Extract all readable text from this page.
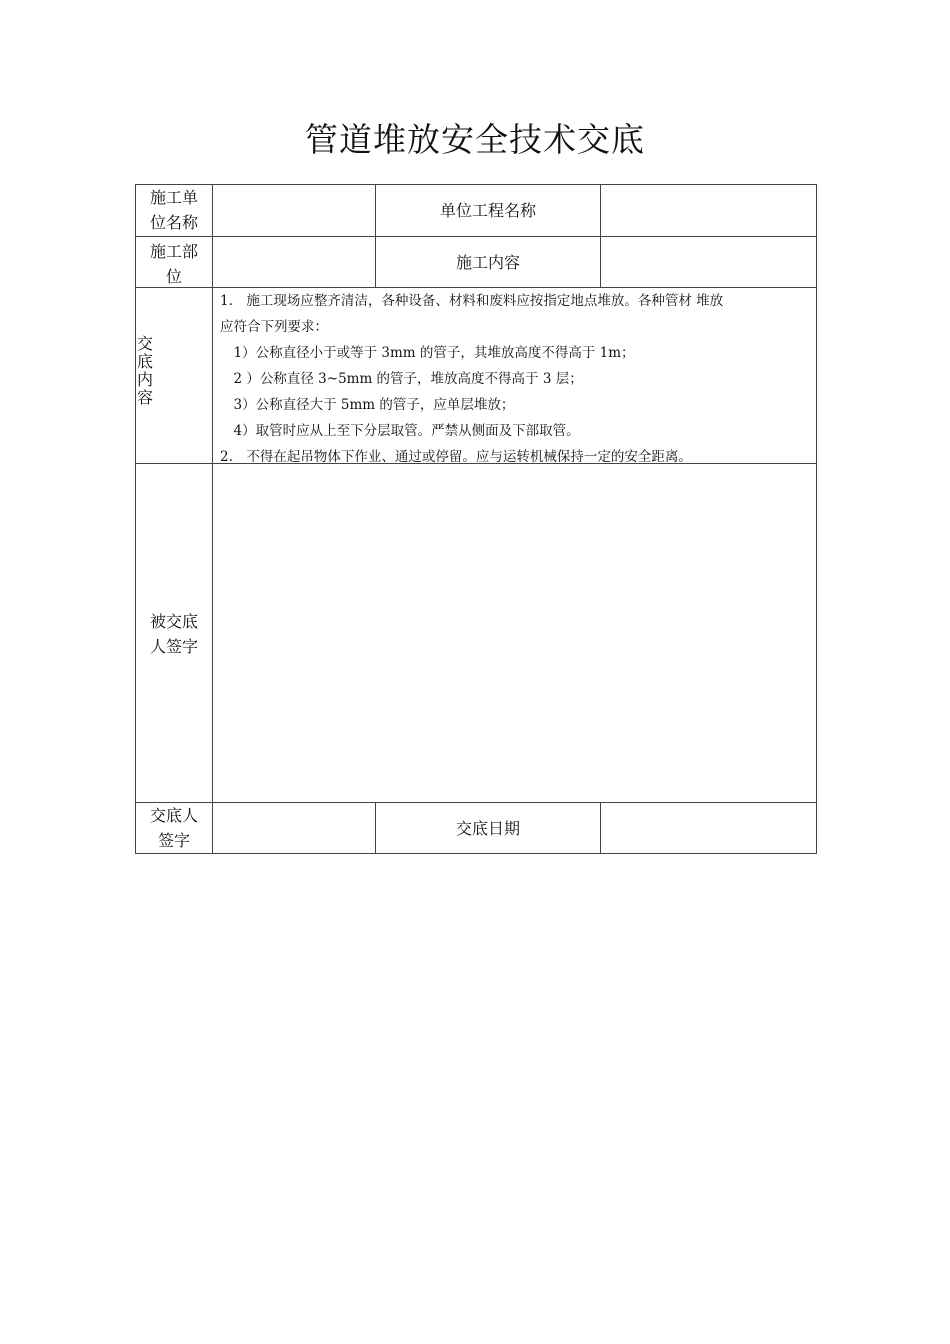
管道堆放安全技术交底
施工单
位名称
单位工程名称
施工部
位
施工内容
交
底
内
容

1.　施工现场应整齐清洁，各种设备、材料和废料应按指定地点堆放。各种管材 堆放

应符合下列要求：

　1）公称直径小于或等于 3mm 的管子，其堆放高度不得高于 1m；

　2 ）公称直径 3~5mm 的管子，堆放高度不得高于 3 层；

　3）公称直径大于 5mm 的管子，应单层堆放；

　4）取管时应从上至下分层取管。严禁从侧面及下部取管。

2.　不得在起吊物体下作业、通过或停留。应与运转机械保持一定的安全距离。

被交底
人签字
交底人
签字
交底日期
